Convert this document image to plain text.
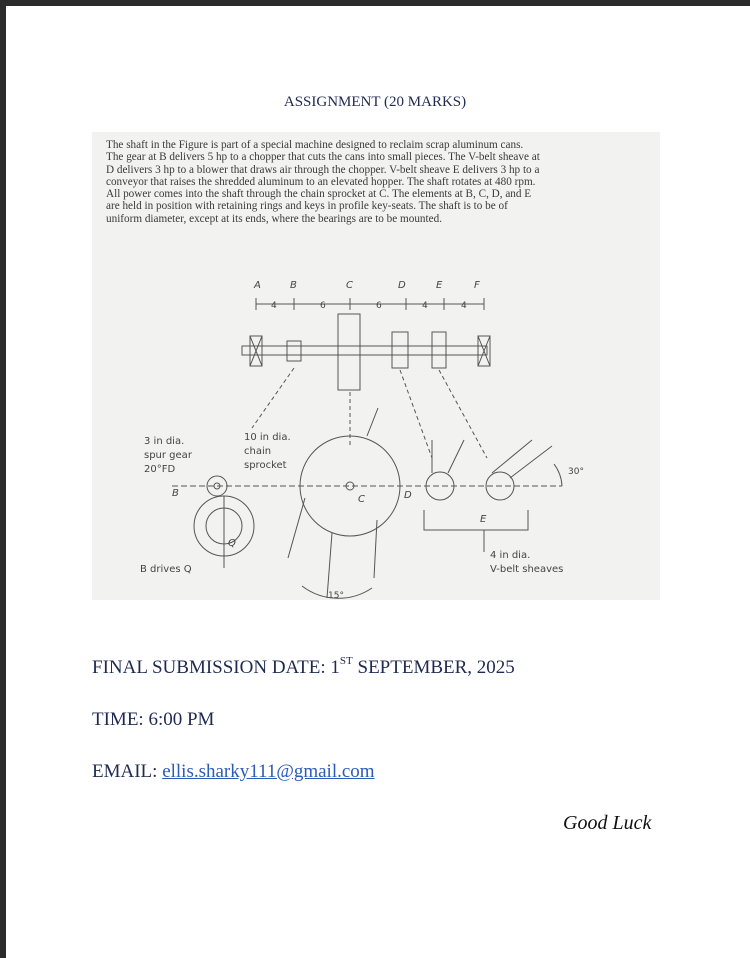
ASSIGNMENT (20 MARKS)
The shaft in the Figure is part of a special machine designed to reclaim scrap aluminum cans.
The gear at B delivers 5 hp to a chopper that cuts the cans into small pieces. The V-belt sheave at
D delivers 3 hp to a blower that draws air through the chopper. V-belt sheave E delivers 3 hp to a
conveyor that raises the shredded aluminum to an elevated hopper. The shaft rotates at 480 rpm.
All power comes into the shaft through the chain sprocket at C. The elements at B, C, D, and E
are held in position with retaining rings and keys in profile key-seats. The shaft is to be of
uniform diameter, except at its ends, where the bearings are to be mounted.
A	B	C	D	E	F
4	6	6	4	4
3 in dia.
spur gear
20°FD
10 in dia.
chain
sprocket
B
C	D
E
Q
30°
15°
B drives Q
4 in dia.
V-belt sheaves
FINAL SUBMISSION DATE: 1ST SEPTEMBER, 2025
TIME: 6:00 PM
EMAIL: ellis.sharky111@gmail.com
Good Luck
